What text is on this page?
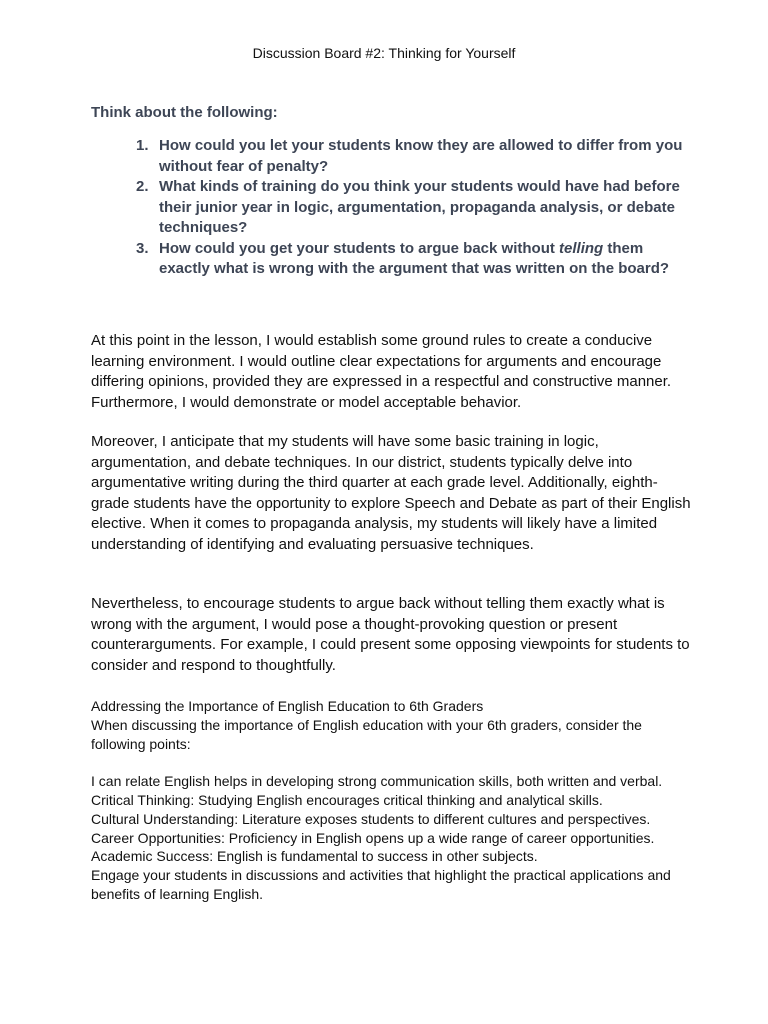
Discussion Board #2: Thinking for Yourself
Think about the following:
1. How could you let your students know they are allowed to differ from you without fear of penalty?
2. What kinds of training do you think your students would have had before their junior year in logic, argumentation, propaganda analysis, or debate techniques?
3. How could you get your students to argue back without telling them exactly what is wrong with the argument that was written on the board?

At this point in the lesson, I would establish some ground rules to create a conducive learning environment. I would outline clear expectations for arguments and encourage differing opinions, provided they are expressed in a respectful and constructive manner. Furthermore, I would demonstrate or model acceptable behavior.

Moreover, I anticipate that my students will have some basic training in logic, argumentation, and debate techniques. In our district, students typically delve into argumentative writing during the third quarter at each grade level. Additionally, eighth-grade students have the opportunity to explore Speech and Debate as part of their English elective. When it comes to propaganda analysis, my students will likely have a limited understanding of identifying and evaluating persuasive techniques.

Nevertheless, to encourage students to argue back without telling them exactly what is wrong with the argument, I would pose a thought-provoking question or present counterarguments. For example, I could present some opposing viewpoints for students to consider and respond to thoughtfully.

Addressing the Importance of English Education to 6th Graders
When discussing the importance of English education with your 6th graders, consider the following points:
I can relate English helps in developing strong communication skills, both written and verbal.
Critical Thinking: Studying English encourages critical thinking and analytical skills.
Cultural Understanding: Literature exposes students to different cultures and perspectives.
Career Opportunities: Proficiency in English opens up a wide range of career opportunities.
Academic Success: English is fundamental to success in other subjects.
Engage your students in discussions and activities that highlight the practical applications and benefits of learning English.
